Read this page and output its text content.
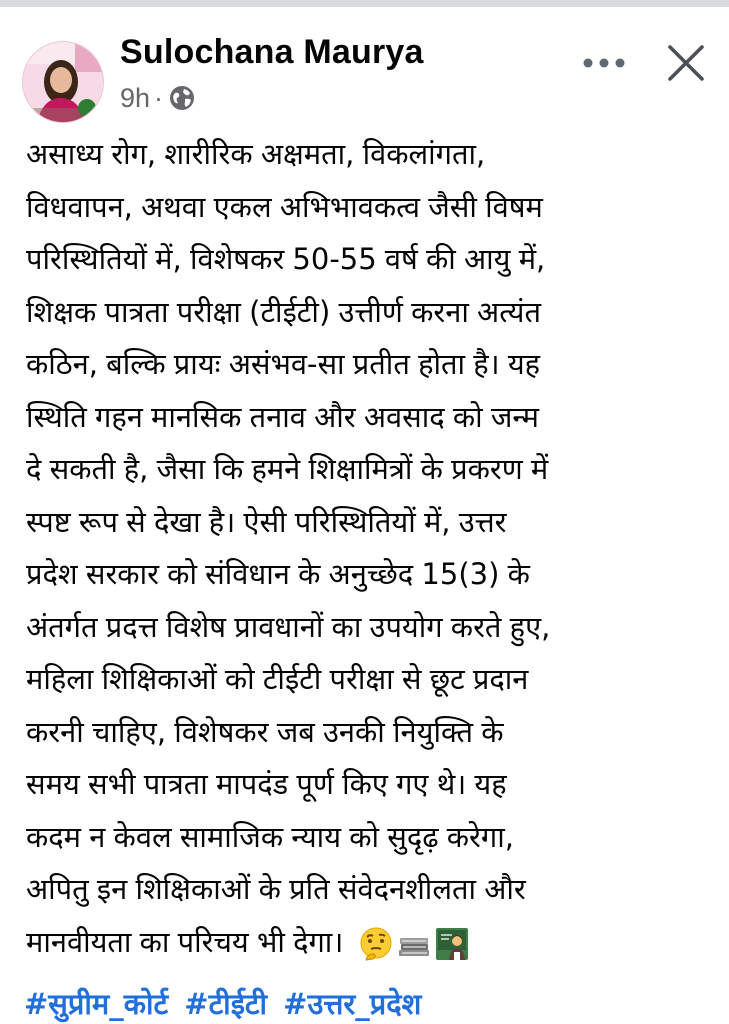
Sulochana Maurya
9h ·
असाध्य रोग, शारीरिक अक्षमता, विकलांगता,
विधवापन, अथवा एकल अभिभावकत्व जैसी विषम
परिस्थितियों में, विशेषकर 50-55 वर्ष की आयु में,
शिक्षक पात्रता परीक्षा (टीईटी) उत्तीर्ण करना अत्यंत
कठिन, बल्कि प्रायः असंभव-सा प्रतीत होता है। यह
स्थिति गहन मानसिक तनाव और अवसाद को जन्म
दे सकती है, जैसा कि हमने शिक्षामित्रों के प्रकरण में
स्पष्ट रूप से देखा है। ऐसी परिस्थितियों में, उत्तर
प्रदेश सरकार को संविधान के अनुच्छेद 15(3) के
अंतर्गत प्रदत्त विशेष प्रावधानों का उपयोग करते हुए,
महिला शिक्षिकाओं को टीईटी परीक्षा से छूट प्रदान
करनी चाहिए, विशेषकर जब उनकी नियुक्ति के
समय सभी पात्रता मापदंड पूर्ण किए गए थे। यह
कदम न केवल सामाजिक न्याय को सुदृढ़ करेगा,
अपितु इन शिक्षिकाओं के प्रति संवेदनशीलता और
मानवीयता का परिचय भी देगा।
#सुप्रीम_कोर्ट #टीईटी #उत्तर_प्रदेश
